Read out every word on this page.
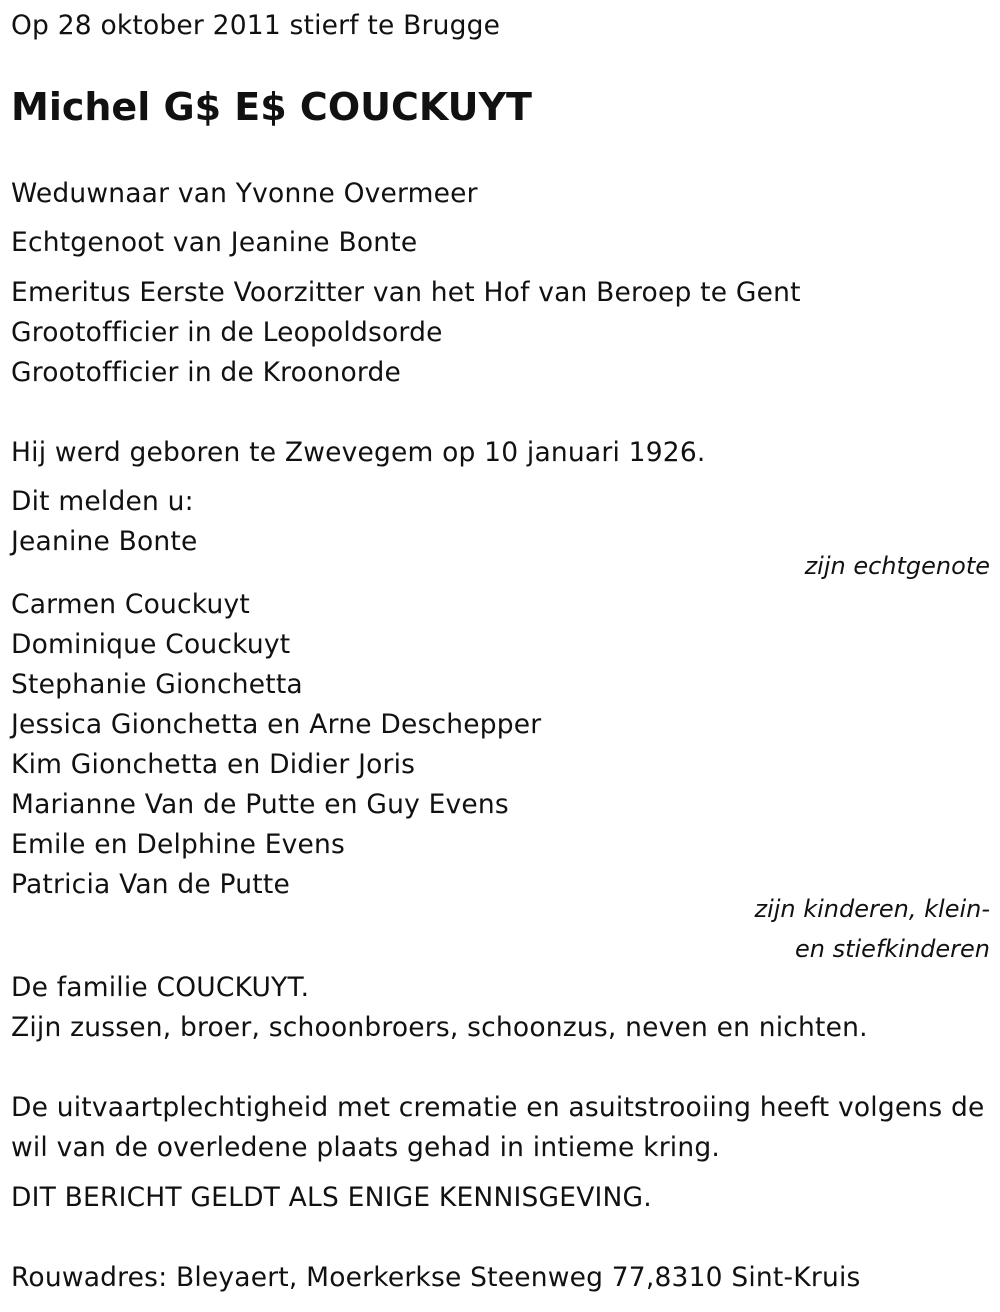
Op 28 oktober 2011 stierf te Brugge
Michel G$ E$ COUCKUYT
Weduwnaar van Yvonne Overmeer
Echtgenoot van Jeanine Bonte
Emeritus Eerste Voorzitter van het Hof van Beroep te Gent
Grootofficier in de Leopoldsorde
Grootofficier in de Kroonorde
Hij werd geboren te Zwevegem op 10 januari 1926.
Dit melden u:
Jeanine Bonte
zijn echtgenote
Carmen Couckuyt
Dominique Couckuyt
Stephanie Gionchetta
Jessica Gionchetta en Arne Deschepper
Kim Gionchetta en Didier Joris
Marianne Van de Putte en Guy Evens
Emile en Delphine Evens
Patricia Van de Putte
zijn kinderen, klein-
en stiefkinderen
De familie COUCKUYT.
Zijn zussen, broer, schoonbroers, schoonzus, neven en nichten.
De uitvaartplechtigheid met crematie en asuitstrooiing heeft volgens de
wil van de overledene plaats gehad in intieme kring.
DIT BERICHT GELDT ALS ENIGE KENNISGEVING.
Rouwadres: Bleyaert, Moerkerkse Steenweg 77,8310 Sint-Kruis
